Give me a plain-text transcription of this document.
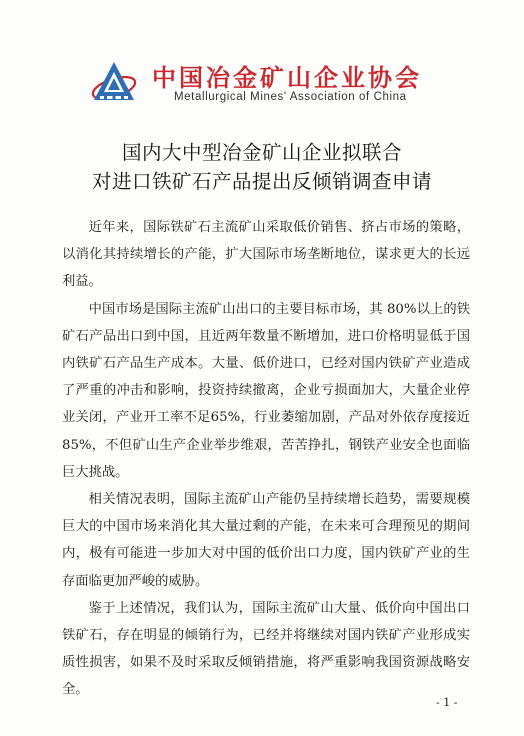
中国冶金矿山企业协会
Metallurgical Mines' Association of China
国内大中型冶金矿山企业拟联合
对进口铁矿石产品提出反倾销调查申请

近年来，国际铁矿石主流矿山采取低价销售、挤占市场的策略，以消化其持续增长的产能，扩大国际市场垄断地位，谋求更大的长远利益。

中国市场是国际主流矿山出口的主要目标市场，其 80%以上的铁矿石产品出口到中国，且近两年数量不断增加，进口价格明显低于国内铁矿石产品生产成本。大量、低价进口，已经对国内铁矿产业造成了严重的冲击和影响，投资持续撤离，企业亏损面加大，大量企业停业关闭，产业开工率不足65%，行业萎缩加剧，产品对外依存度接近 85%，不但矿山生产企业举步维艰，苦苦挣扎，钢铁产业安全也面临巨大挑战。

相关情况表明，国际主流矿山产能仍呈持续增长趋势，需要规模巨大的中国市场来消化其大量过剩的产能，在未来可合理预见的期间内，极有可能进一步加大对中国的低价出口力度，国内铁矿产业的生存面临更加严峻的威胁。

鉴于上述情况，我们认为，国际主流矿山大量、低价向中国出口铁矿石，存在明显的倾销行为，已经并将继续对国内铁矿产业形成实质性损害，如果不及时采取反倾销措施，将严重影响我国资源战略安全。

- 1 -
